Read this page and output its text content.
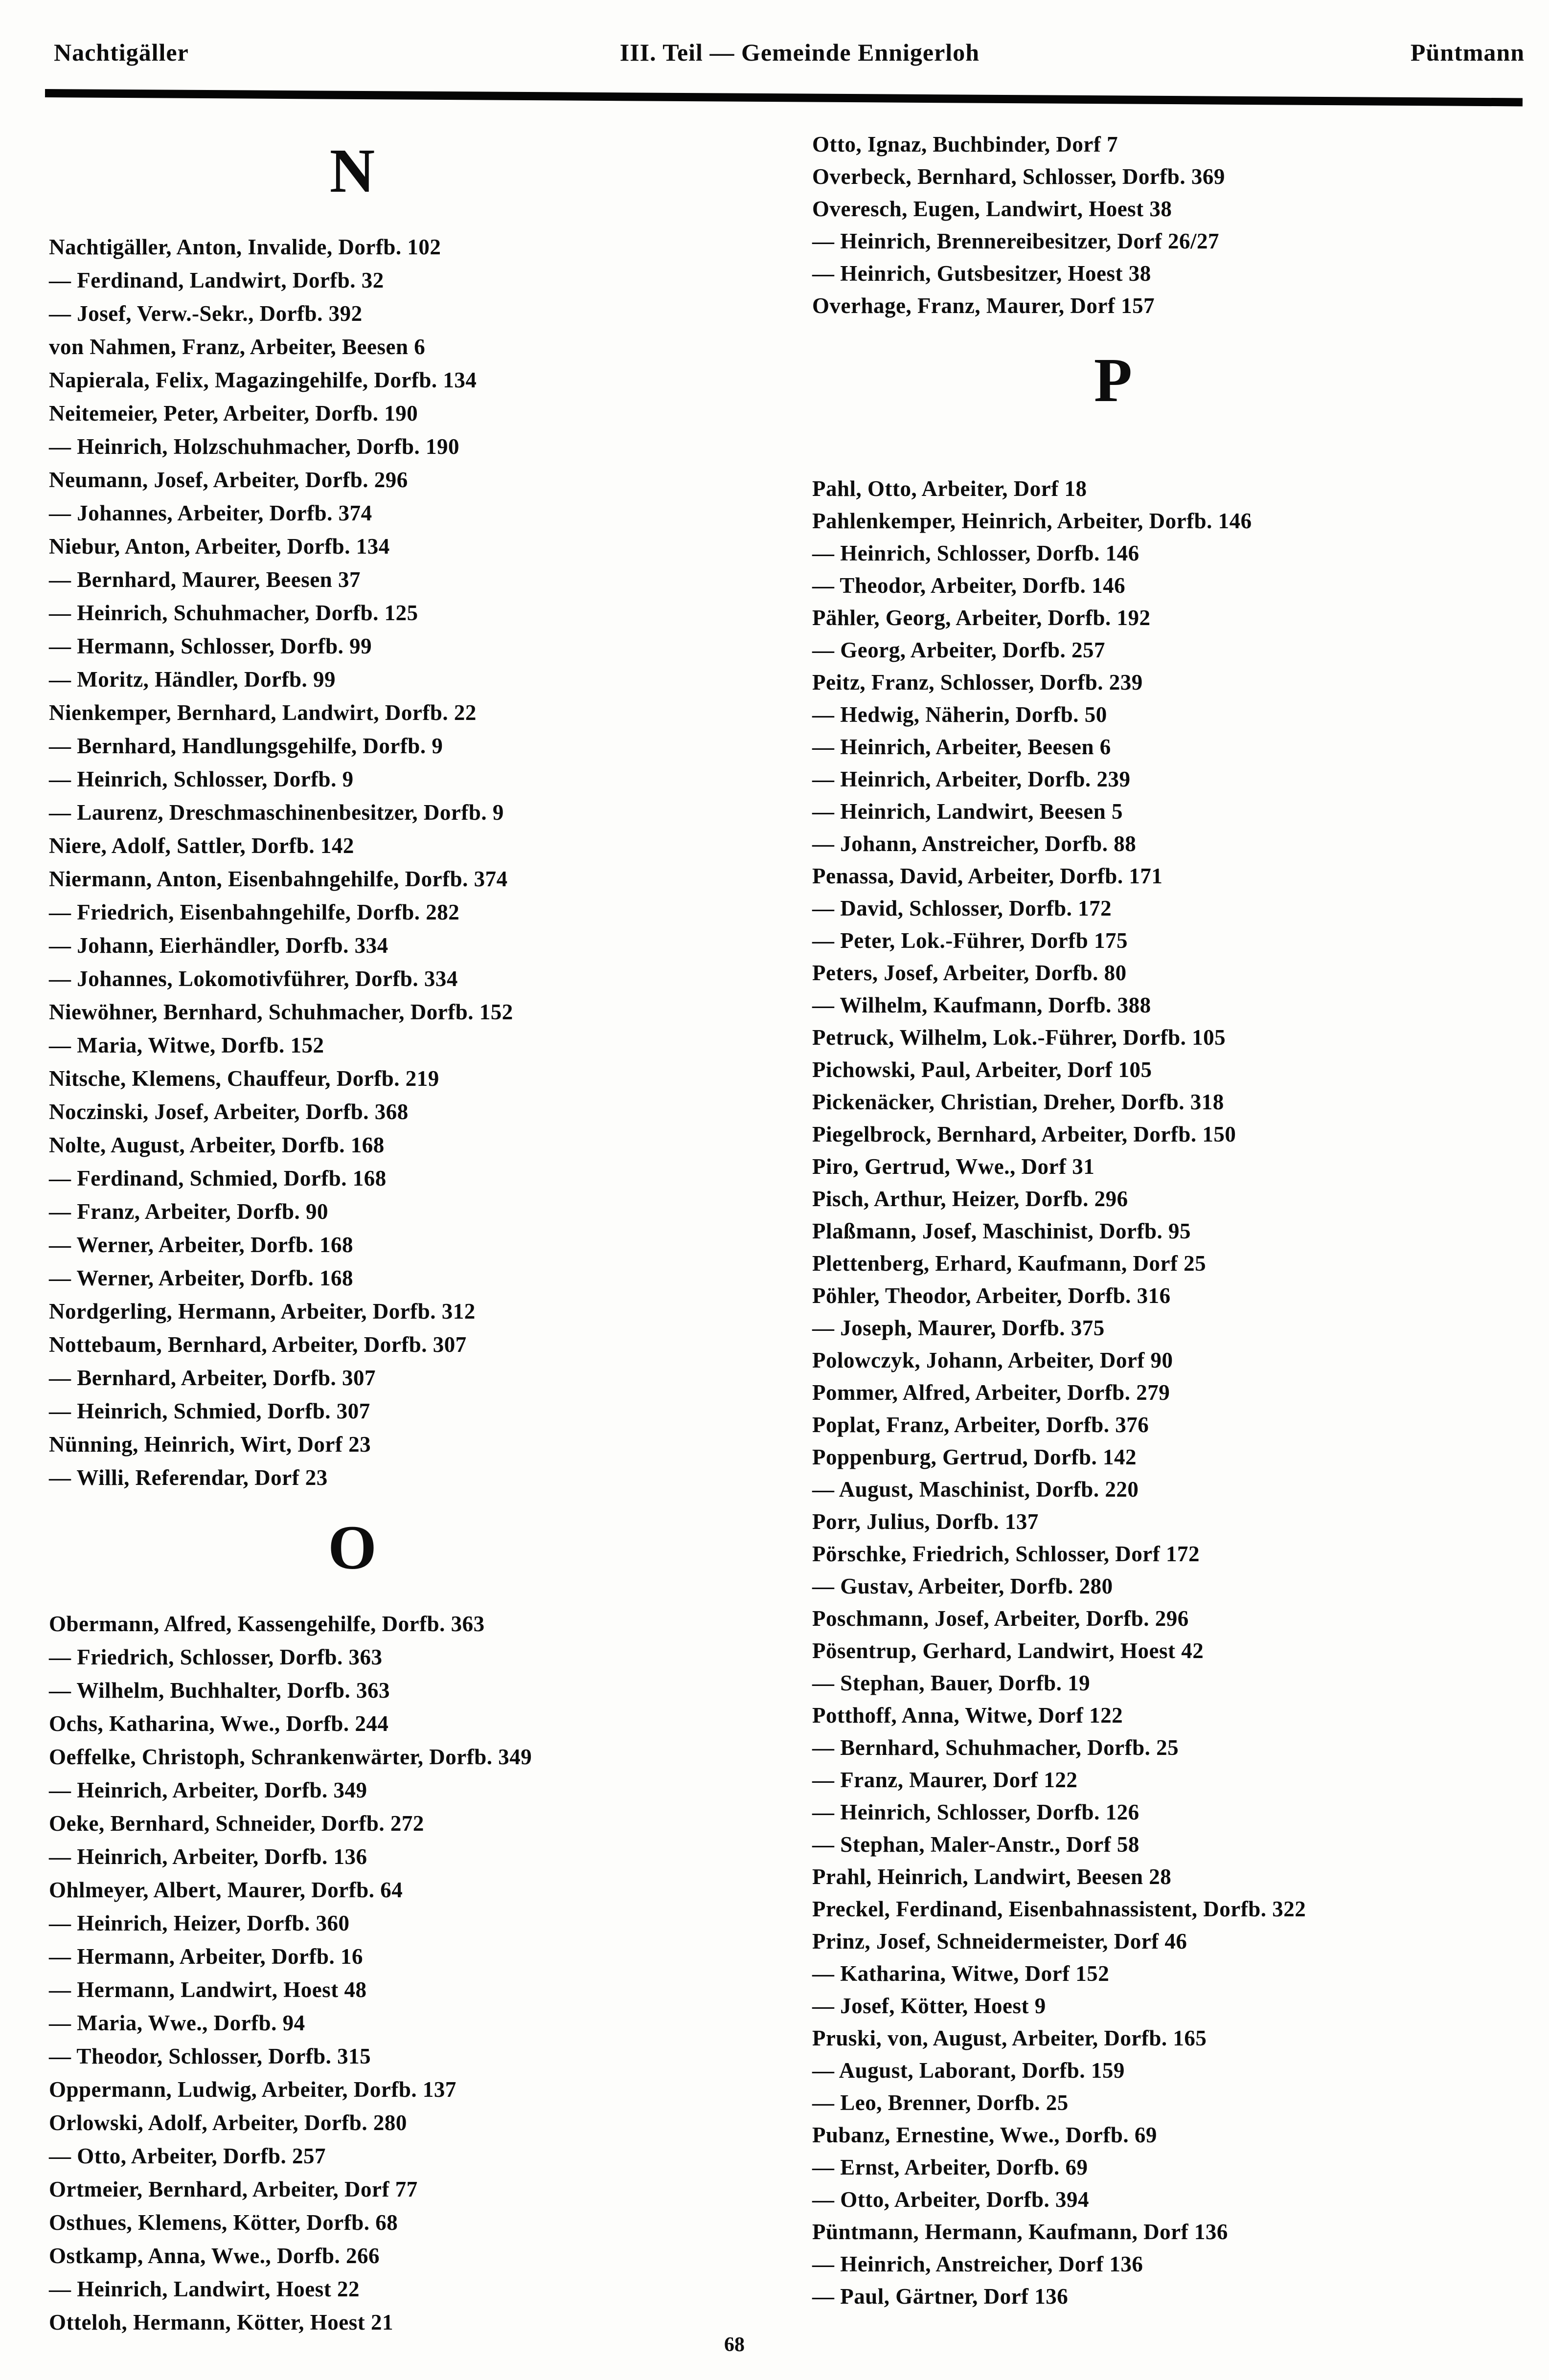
Nachtigäller	III. Teil — Gemeinde Ennigerloh	Püntmann
N
Nachtigäller, Anton, Invalide, Dorfb. 102
— Ferdinand, Landwirt, Dorfb. 32
— Josef, Verw.-Sekr., Dorfb. 392
von Nahmen, Franz, Arbeiter, Beesen 6
Napierala, Felix, Magazingehilfe, Dorfb. 134
Neitemeier, Peter, Arbeiter, Dorfb. 190
— Heinrich, Holzschuhmacher, Dorfb. 190
Neumann, Josef, Arbeiter, Dorfb. 296
— Johannes, Arbeiter, Dorfb. 374
Niebur, Anton, Arbeiter, Dorfb. 134
— Bernhard, Maurer, Beesen 37
— Heinrich, Schuhmacher, Dorfb. 125
— Hermann, Schlosser, Dorfb. 99
— Moritz, Händler, Dorfb. 99
Nienkemper, Bernhard, Landwirt, Dorfb. 22
— Bernhard, Handlungsgehilfe, Dorfb. 9
— Heinrich, Schlosser, Dorfb. 9
— Laurenz, Dreschmaschinenbesitzer, Dorfb. 9
Niere, Adolf, Sattler, Dorfb. 142
Niermann, Anton, Eisenbahngehilfe, Dorfb. 374
— Friedrich, Eisenbahngehilfe, Dorfb. 282
— Johann, Eierhändler, Dorfb. 334
— Johannes, Lokomotivführer, Dorfb. 334
Niewöhner, Bernhard, Schuhmacher, Dorfb. 152
— Maria, Witwe, Dorfb. 152
Nitsche, Klemens, Chauffeur, Dorfb. 219
Noczinski, Josef, Arbeiter, Dorfb. 368
Nolte, August, Arbeiter, Dorfb. 168
— Ferdinand, Schmied, Dorfb. 168
— Franz, Arbeiter, Dorfb. 90
— Werner, Arbeiter, Dorfb. 168
— Werner, Arbeiter, Dorfb. 168
Nordgerling, Hermann, Arbeiter, Dorfb. 312
Nottebaum, Bernhard, Arbeiter, Dorfb. 307
— Bernhard, Arbeiter, Dorfb. 307
— Heinrich, Schmied, Dorfb. 307
Nünning, Heinrich, Wirt, Dorf 23
— Willi, Referendar, Dorf 23
O
Obermann, Alfred, Kassengehilfe, Dorfb. 363
— Friedrich, Schlosser, Dorfb. 363
— Wilhelm, Buchhalter, Dorfb. 363
Ochs, Katharina, Wwe., Dorfb. 244
Oeffelke, Christoph, Schrankenwärter, Dorfb. 349
— Heinrich, Arbeiter, Dorfb. 349
Oeke, Bernhard, Schneider, Dorfb. 272
— Heinrich, Arbeiter, Dorfb. 136
Ohlmeyer, Albert, Maurer, Dorfb. 64
— Heinrich, Heizer, Dorfb. 360
— Hermann, Arbeiter, Dorfb. 16
— Hermann, Landwirt, Hoest 48
— Maria, Wwe., Dorfb. 94
— Theodor, Schlosser, Dorfb. 315
Oppermann, Ludwig, Arbeiter, Dorfb. 137
Orlowski, Adolf, Arbeiter, Dorfb. 280
— Otto, Arbeiter, Dorfb. 257
Ortmeier, Bernhard, Arbeiter, Dorf 77
Osthues, Klemens, Kötter, Dorfb. 68
Ostkamp, Anna, Wwe., Dorfb. 266
— Heinrich, Landwirt, Hoest 22
Otteloh, Hermann, Kötter, Hoest 21
Otto, Ignaz, Buchbinder, Dorf 7
Overbeck, Bernhard, Schlosser, Dorfb. 369
Overesch, Eugen, Landwirt, Hoest 38
— Heinrich, Brennereibesitzer, Dorf 26/27
— Heinrich, Gutsbesitzer, Hoest 38
Overhage, Franz, Maurer, Dorf 157
P
Pahl, Otto, Arbeiter, Dorf 18
Pahlenkemper, Heinrich, Arbeiter, Dorfb. 146
— Heinrich, Schlosser, Dorfb. 146
— Theodor, Arbeiter, Dorfb. 146
Pähler, Georg, Arbeiter, Dorfb. 192
— Georg, Arbeiter, Dorfb. 257
Peitz, Franz, Schlosser, Dorfb. 239
— Hedwig, Näherin, Dorfb. 50
— Heinrich, Arbeiter, Beesen 6
— Heinrich, Arbeiter, Dorfb. 239
— Heinrich, Landwirt, Beesen 5
— Johann, Anstreicher, Dorfb. 88
Penassa, David, Arbeiter, Dorfb. 171
— David, Schlosser, Dorfb. 172
— Peter, Lok.-Führer, Dorfb 175
Peters, Josef, Arbeiter, Dorfb. 80
— Wilhelm, Kaufmann, Dorfb. 388
Petruck, Wilhelm, Lok.-Führer, Dorfb. 105
Pichowski, Paul, Arbeiter, Dorf 105
Pickenäcker, Christian, Dreher, Dorfb. 318
Piegelbrock, Bernhard, Arbeiter, Dorfb. 150
Piro, Gertrud, Wwe., Dorf 31
Pisch, Arthur, Heizer, Dorfb. 296
Plaßmann, Josef, Maschinist, Dorfb. 95
Plettenberg, Erhard, Kaufmann, Dorf 25
Pöhler, Theodor, Arbeiter, Dorfb. 316
— Joseph, Maurer, Dorfb. 375
Polowczyk, Johann, Arbeiter, Dorf 90
Pommer, Alfred, Arbeiter, Dorfb. 279
Poplat, Franz, Arbeiter, Dorfb. 376
Poppenburg, Gertrud, Dorfb. 142
— August, Maschinist, Dorfb. 220
Porr, Julius, Dorfb. 137
Pörschke, Friedrich, Schlosser, Dorf 172
— Gustav, Arbeiter, Dorfb. 280
Poschmann, Josef, Arbeiter, Dorfb. 296
Pösentrup, Gerhard, Landwirt, Hoest 42
— Stephan, Bauer, Dorfb. 19
Potthoff, Anna, Witwe, Dorf 122
— Bernhard, Schuhmacher, Dorfb. 25
— Franz, Maurer, Dorf 122
— Heinrich, Schlosser, Dorfb. 126
— Stephan, Maler-Anstr., Dorf 58
Prahl, Heinrich, Landwirt, Beesen 28
Preckel, Ferdinand, Eisenbahnassistent, Dorfb. 322
Prinz, Josef, Schneidermeister, Dorf 46
— Katharina, Witwe, Dorf 152
— Josef, Kötter, Hoest 9
Pruski, von, August, Arbeiter, Dorfb. 165
— August, Laborant, Dorfb. 159
— Leo, Brenner, Dorfb. 25
Pubanz, Ernestine, Wwe., Dorfb. 69
— Ernst, Arbeiter, Dorfb. 69
— Otto, Arbeiter, Dorfb. 394
Püntmann, Hermann, Kaufmann, Dorf 136
— Heinrich, Anstreicher, Dorf 136
— Paul, Gärtner, Dorf 136
68
